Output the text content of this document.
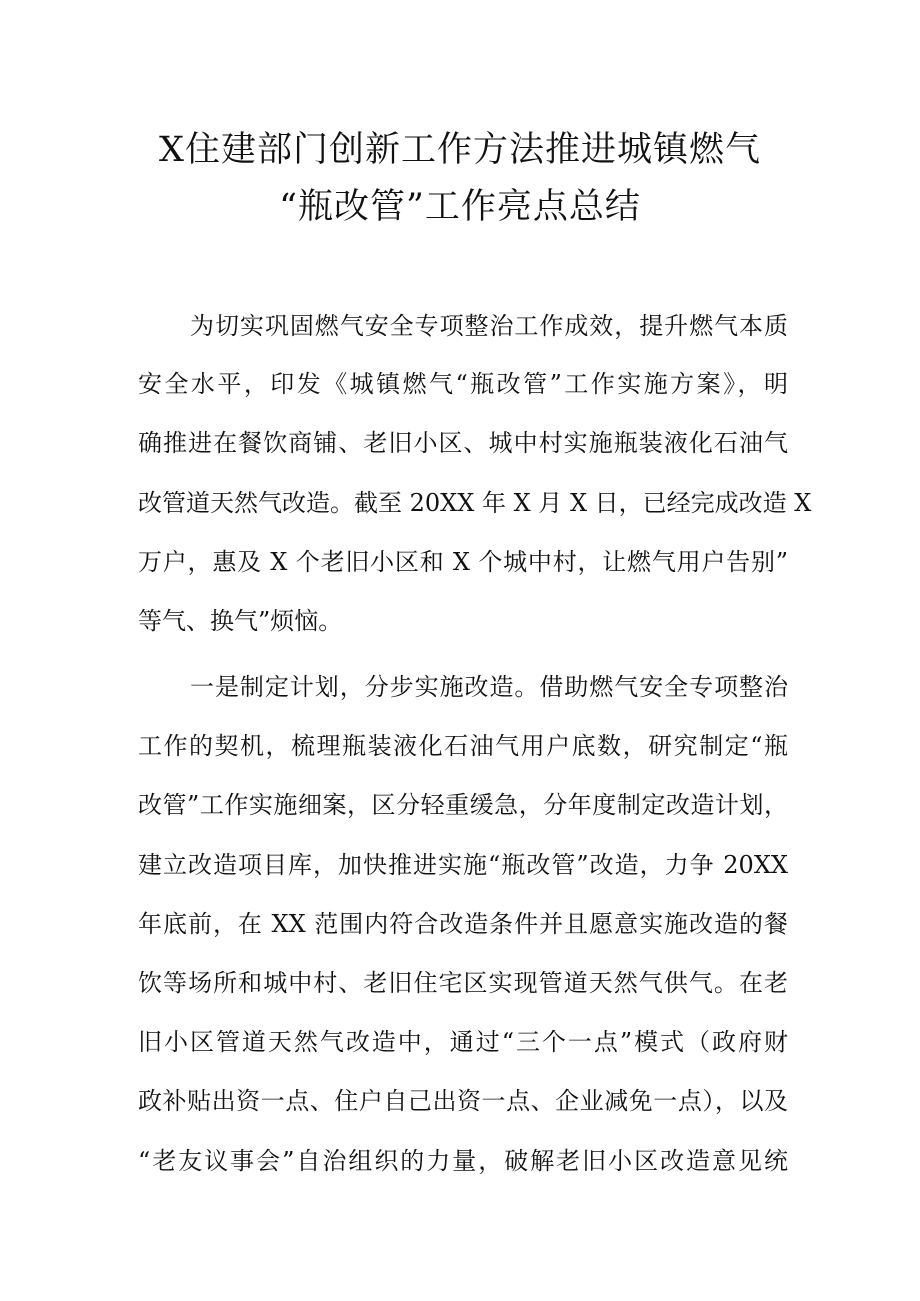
X住建部门创新工作方法推进城镇燃气
“瓶改管”工作亮点总结
为切实巩固燃气安全专项整治工作成效，提升燃气本质
安全水平，印发《城镇燃气“瓶改管”工作实施方案》，明
确推进在餐饮商铺、老旧小区、城中村实施瓶装液化石油气
改管道天然气改造。截至 20XX 年 X 月 X 日，已经完成改造 X
万户，惠及 X 个老旧小区和 X 个城中村，让燃气用户告别”
等气、换气”烦恼。
一是制定计划，分步实施改造。借助燃气安全专项整治
工作的契机，梳理瓶装液化石油气用户底数，研究制定“瓶
改管”工作实施细案，区分轻重缓急，分年度制定改造计划，
建立改造项目库，加快推进实施“瓶改管”改造，力争 20XX
年底前，在 XX 范围内符合改造条件并且愿意实施改造的餐
饮等场所和城中村、老旧住宅区实现管道天然气供气。在老
旧小区管道天然气改造中，通过“三个一点”模式（政府财
政补贴出资一点、住户自己出资一点、企业减免一点），以及
“老友议事会”自治组织的力量，破解老旧小区改造意见统
